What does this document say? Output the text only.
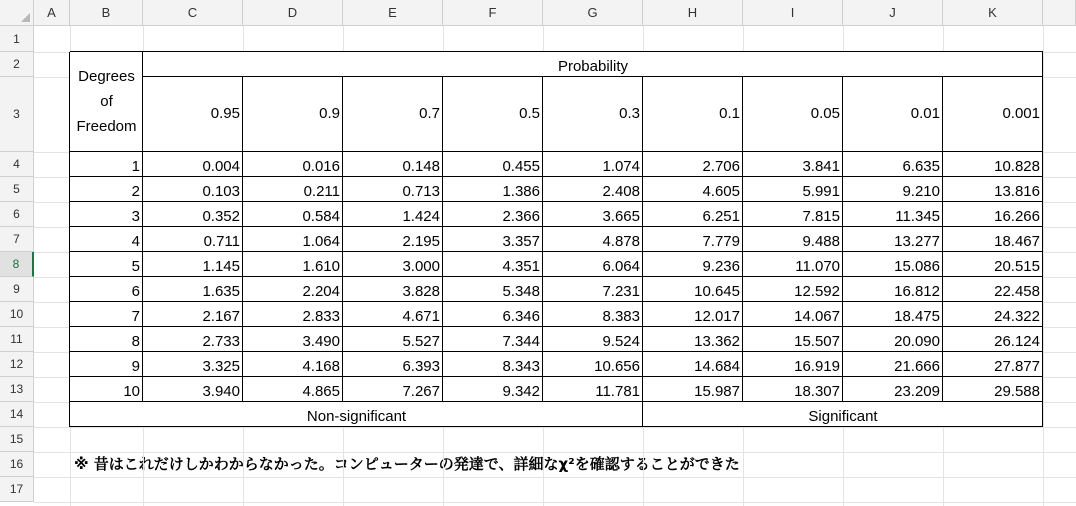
※ 昔はこれだけしかわからなかった。コンピューターの発達で、詳細なχ²を確認することができた
A	B	C	D	E	F	G	H	I	J	K
1
2
3
4
5
6
7
8
9
10
11
12
13
14
15
16
17
Degrees
of
Freedom
Probability
0.95	0.9	0.7	0.5	0.3	0.1	0.05	0.01	0.001
1	0.004	0.016	0.148	0.455	1.074	2.706	3.841	6.635	10.828
2	0.103	0.211	0.713	1.386	2.408	4.605	5.991	9.210	13.816
3	0.352	0.584	1.424	2.366	3.665	6.251	7.815	11.345	16.266
4	0.711	1.064	2.195	3.357	4.878	7.779	9.488	13.277	18.467
5	1.145	1.610	3.000	4.351	6.064	9.236	11.070	15.086	20.515
6	1.635	2.204	3.828	5.348	7.231	10.645	12.592	16.812	22.458
7	2.167	2.833	4.671	6.346	8.383	12.017	14.067	18.475	24.322
8	2.733	3.490	5.527	7.344	9.524	13.362	15.507	20.090	26.124
9	3.325	4.168	6.393	8.343	10.656	14.684	16.919	21.666	27.877
10	3.940	4.865	7.267	9.342	11.781	15.987	18.307	23.209	29.588
Non-significant	Significant
